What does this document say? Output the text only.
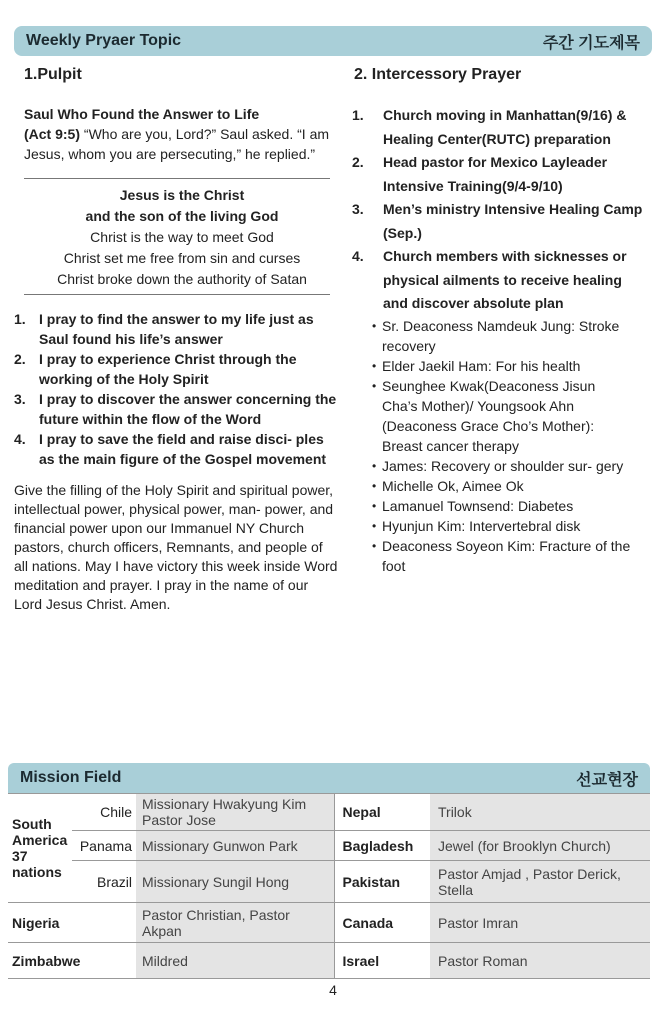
Weekly Pryaer Topic	주간 기도제목
1.Pulpit

Saul Who Found the Answer to Life
(Act 9:5) “Who are you, Lord?” Saul asked. “I am Jesus, whom you are persecuting,” he replied.”

Jesus is the Christ
and the son of the living God
Christ is the way to meet God
Christ set me free from sin and curses
Christ broke down the authority of Satan
1. I pray to find the answer to my life just as Saul found his life’s answer
2. I pray to experience Christ through the working of the Holy Spirit
3. I pray to discover the answer concerning the future within the flow of the Word
4. I pray to save the field and raise disci- ples as the main figure of the Gospel movement

Give the filling of the Holy Spirit and spiritual power, intellectual power, physical power, man- power, and financial power upon our Immanuel NY Church pastors, church officers, Remnants, and people of all nations. May I have victory this week inside Word meditation and prayer. I pray in the name of our Lord Jesus Christ. Amen.

2. Intercessory Prayer
1.	Church moving in Manhattan(9/16) & Healing Center(RUTC) preparation
2.	Head pastor for Mexico Layleader Intensive Training(9/4-9/10)
3.	Men’s ministry Intensive Healing Camp (Sep.)
4.	Church members with sicknesses or physical ailments to receive healing and discover absolute plan
• Sr. Deaconess Namdeuk Jung: Stroke recovery
• Elder Jaekil Ham: For his health
• Seunghee Kwak(Deaconess Jisun Cha’s Mother)/ Youngsook Ahn (Deaconess Grace Cho’s Mother): Breast cancer therapy
• James: Recovery or shoulder sur- gery
• Michelle Ok, Aimee Ok
• Lamanuel Townsend: Diabetes
• Hyunjun Kim: Intervertebral disk
• Deaconess Soyeon Kim: Fracture of the foot
Mission Field	선교현장
South America 37 nations	Chile	Missionary Hwakyung Kim Pastor Jose	Nepal	Trilok
	Panama	Missionary Gunwon Park	Bagladesh	Jewel (for Brooklyn Church)
	Brazil	Missionary Sungil Hong	Pakistan	Pastor Amjad , Pastor Derick, Stella
Nigeria		Pastor Christian, Pastor Akpan	Canada	Pastor Imran
Zimbabwe		Mildred	Israel	Pastor Roman
4
